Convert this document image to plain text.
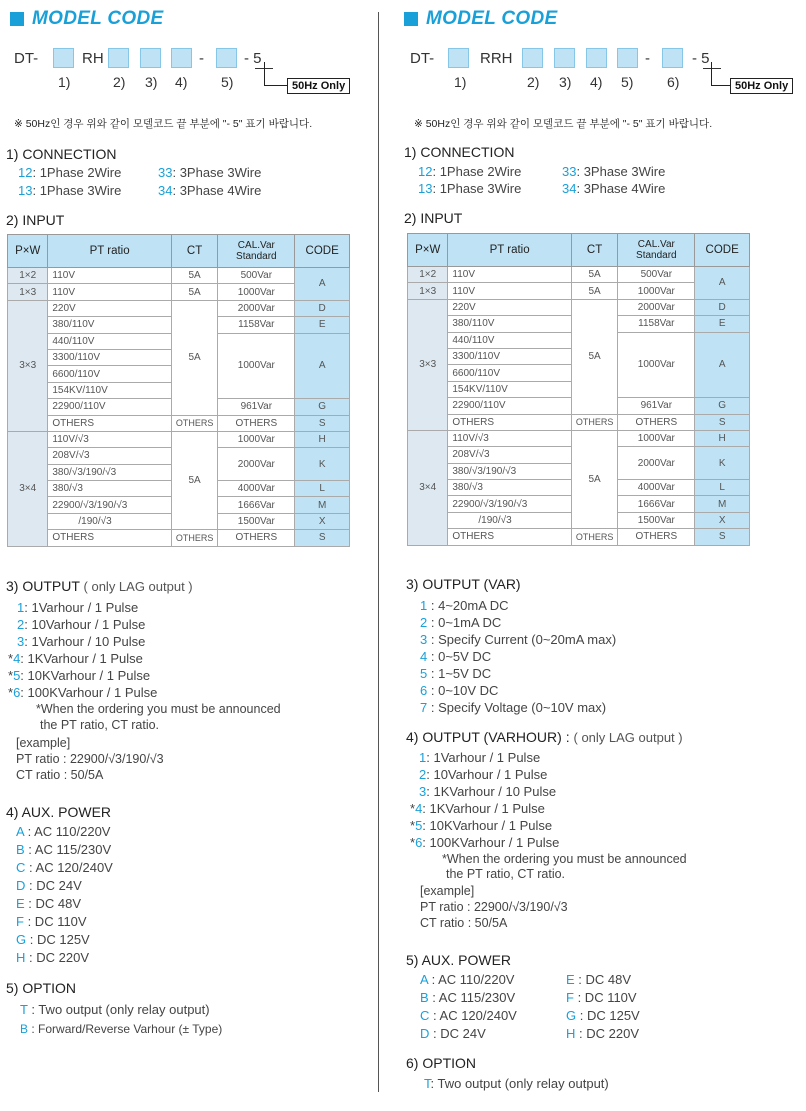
MODEL CODE
DT-	RH	-	- 5
1)	2) 3) 4) 5)	50Hz Only
※ 50Hz인 경우 위와 같이 모델코드 끝 부분에 "- 5" 표기 바랍니다.
1) CONNECTION
12: 1Phase 2Wire	33: 3Phase 3Wire
13: 1Phase 3Wire	34: 3Phase 4Wire
2) INPUT
P×W	PT ratio	CT	CAL.Var Standard	CODE
1×2	110V	5A	500Var	A
1×3	110V	5A	1000Var	
3×3	220V	5A	2000Var	D
	380/110V		1158Var	E
	440/110V		1000Var	A
	3300/110V			
	6600/110V			
	154KV/110V			
	22900/110V		961Var	G
	OTHERS	OTHERS	OTHERS	S
3×4	110V/√3	5A	1000Var	H
	208V/√3		2000Var	K
	380/√3/190/√3			
	380/√3		4000Var	L
	22900/√3/190/√3		1666Var	M
	/190/√3		1500Var	X
	OTHERS	OTHERS	OTHERS	S
3) OUTPUT ( only LAG output )
1: 1Varhour / 1 Pulse
2: 10Varhour / 1 Pulse
3: 1Varhour / 10 Pulse
*4: 1KVarhour / 1 Pulse
*5: 10KVarhour / 1 Pulse
*6: 100KVarhour / 1 Pulse
*When the ordering you must be announced
the PT ratio, CT ratio.
[example]
PT ratio : 22900/√3/190/√3
CT ratio : 50/5A
4) AUX. POWER
A : AC 110/220V
B : AC 115/230V
C : AC 120/240V
D : DC 24V
E : DC 48V
F : DC 110V
G : DC 125V
H : DC 220V
5) OPTION
T : Two output (only relay output)
B : Forward/Reverse Varhour (± Type)
MODEL CODE
DT-	RRH	-	- 5
1)	2) 3) 4) 5) 6)	50Hz Only
※ 50Hz인 경우 위와 같이 모델코드 끝 부분에 "- 5" 표기 바랍니다.
1) CONNECTION
12: 1Phase 2Wire	33: 3Phase 3Wire
13: 1Phase 3Wire	34: 3Phase 4Wire
2) INPUT
P×W	PT ratio	CT	CAL.Var Standard	CODE
1×2	110V	5A	500Var	A
1×3	110V	5A	1000Var	
3×3	220V	5A	2000Var	D
	380/110V		1158Var	E
	440/110V		1000Var	A
	3300/110V			
	6600/110V			
	154KV/110V			
	22900/110V		961Var	G
	OTHERS	OTHERS	OTHERS	S
3×4	110V/√3	5A	1000Var	H
	208V/√3		2000Var	K
	380/√3/190/√3			
	380/√3		4000Var	L
	22900/√3/190/√3		1666Var	M
	/190/√3		1500Var	X
	OTHERS	OTHERS	OTHERS	S
3) OUTPUT (VAR)
1 : 4~20mA DC
2 : 0~1mA DC
3 : Specify Current (0~20mA max)
4 : 0~5V DC
5 : 1~5V DC
6 : 0~10V DC
7 : Specify Voltage (0~10V max)
4) OUTPUT (VARHOUR) : ( only LAG output )
1: 1Varhour / 1 Pulse
2: 10Varhour / 1 Pulse
3: 1KVarhour / 10 Pulse
*4: 1KVarhour / 1 Pulse
*5: 10KVarhour / 1 Pulse
*6: 100KVarhour / 1 Pulse
*When the ordering you must be announced
the PT ratio, CT ratio.
[example]
PT ratio : 22900/√3/190/√3
CT ratio : 50/5A
5) AUX. POWER
A : AC 110/220V	E : DC 48V
B : AC 115/230V	F : DC 110V
C : AC 120/240V	G : DC 125V
D : DC 24V	H : DC 220V
6) OPTION
T: Two output (only relay output)
